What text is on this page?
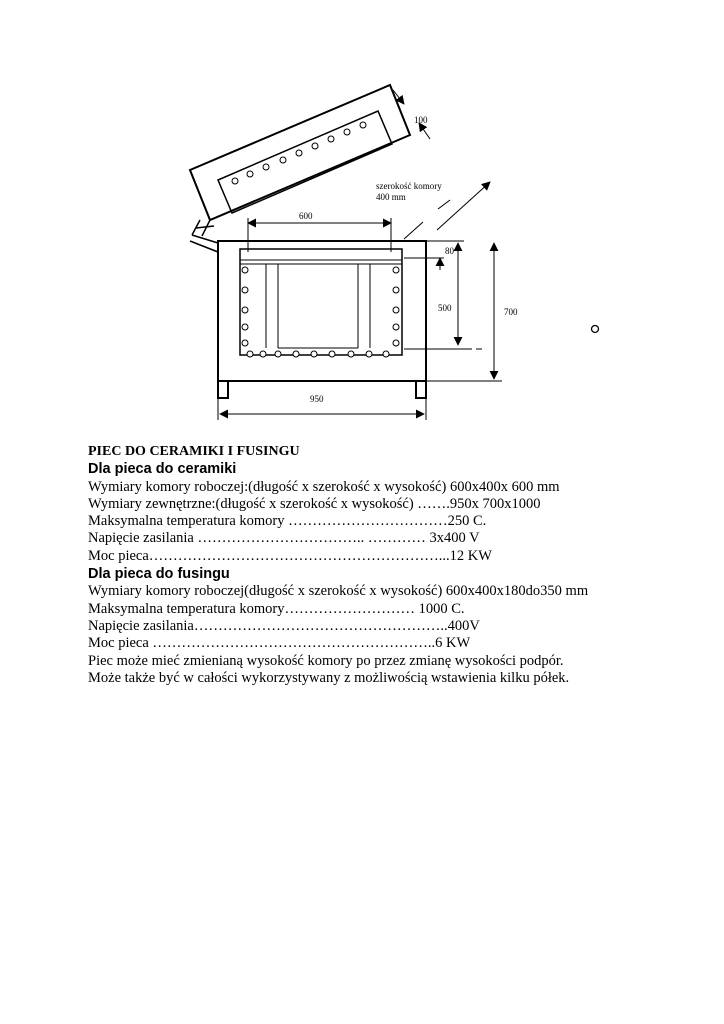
100
szerokość komory
400 mm
600
80
500	700
950

PIEC DO CERAMIKI I FUSINGU

Dla pieca do ceramiki

Wymiary komory roboczej:(długość x szerokość x wysokość) 600x400x 600 mm

Wymiary zewnętrzne:(długość x szerokość x wysokość) …….950x 700x1000

Maksymalna temperatura komory ……………………………250 C.

Napięcie zasilania …………………………….. ………… 3x400 V

Moc pieca……………………………………………………...12 KW

Dla pieca do fusingu

Wymiary komory roboczej(długość x szerokość x wysokość) 600x400x180do350 mm

Maksymalna temperatura komory……………………… 1000 C.

Napięcie zasilania……………………………………………..400V

Moc pieca …………………………………………………..6 KW

Piec może mieć zmienianą wysokość komory po przez zmianę wysokości podpór.

Może także być w całości wykorzystywany z możliwością wstawienia kilku półek.
